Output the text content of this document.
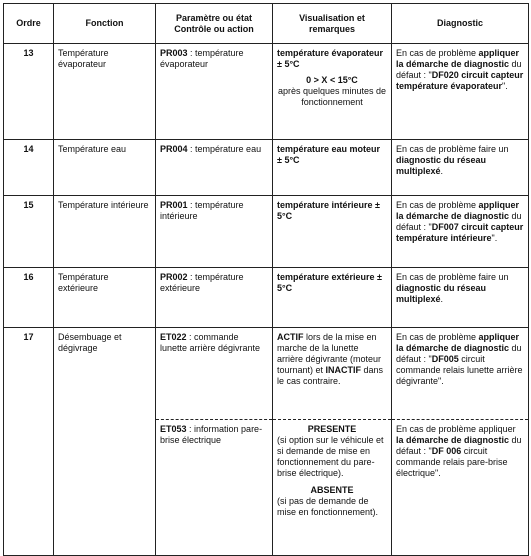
Ordre	Fonction	Paramètre ou état Contrôle ou action	Visualisation et remarques	Diagnostic
13	Température évaporateur	PR003 : température évaporateur	température évaporateur ± 5°C
0 > X < 15°C
après quelques minutes de fonctionnement	En cas de problème appliquer la démarche de diagnostic du défaut : "DF020 circuit capteur température évaporateur".
14	Température eau	PR004 : température eau	température eau moteur ± 5°C	En cas de problème faire un diagnostic du réseau multiplexé.
15	Température intérieure	PR001 : température intérieure	température intérieure ± 5°C	En cas de problème appliquer la démarche de diagnostic du défaut : "DF007 circuit capteur température intérieure".
16	Température extérieure	PR002 : température extérieure	température extérieure ± 5°C	En cas de problème faire un diagnostic du réseau multiplexé.
17	Désembuage et dégivrage	ET022 : commande lunette arrière dégivrante	ACTIF lors de la mise en marche de la lunette arrière dégivrante (moteur tournant) et INACTIF dans le cas contraire.	En cas de problème appliquer la démarche de diagnostic du défaut : "DF005 circuit commande relais lunette arrière dégivrante".
		ET053 : information pare-brise électrique	PRESENTE
(si option sur le véhicule et si demande de mise en fonctionnement du pare-brise électrique).
ABSENTE
(si pas de demande de mise en fonctionnement).	En cas de problème appliquer la démarche de diagnostic du défaut : "DF 006 circuit commande relais pare-brise électrique".
